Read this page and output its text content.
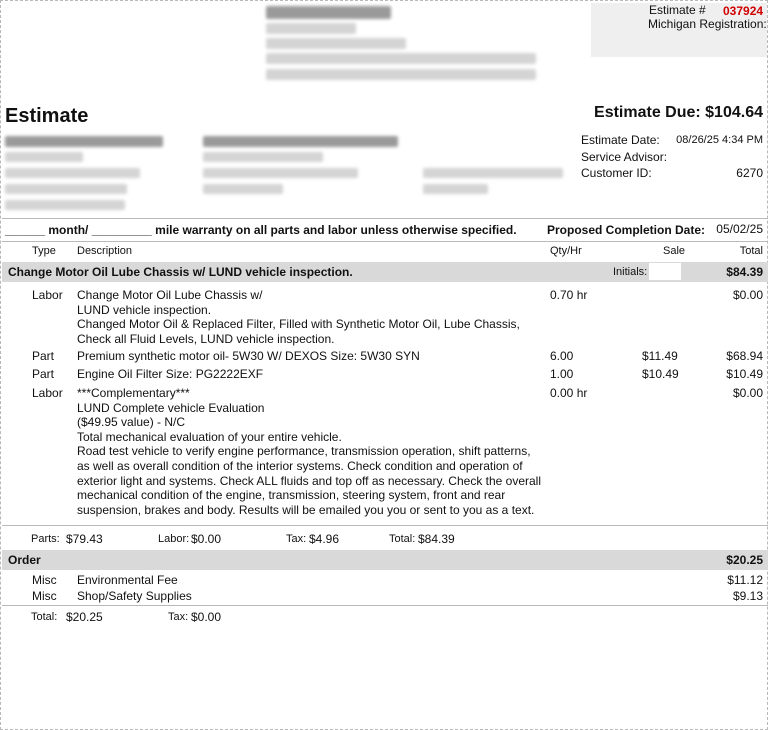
Estimate # 037924
Michigan Registration:
Estimate	Estimate Due: $104.64
Estimate Date: 08/26/25 4:34 PM
Service Advisor:
Customer ID:	6270
______ month/ _________ mile warranty on all parts and labor unless otherwise specified.	Proposed Completion Date: 05/02/25
Type Description	Qty/Hr	Sale	Total
Change Motor Oil Lube Chassis w/ LUND vehicle inspection.	Initials:	$84.39
Labor Change Motor Oil Lube Chassis w/
LUND vehicle inspection.
Changed Motor Oil & Replaced Filter, Filled with Synthetic Motor Oil, Lube Chassis,
Check all Fluid Levels, LUND vehicle inspection.
0.70 hr	$0.00
Part Premium synthetic motor oil- 5W30 W/ DEXOS Size: 5W30 SYN	6.00	$11.49	$68.94
Part Engine Oil Filter Size: PG2222EXF	1.00	$10.49	$10.49
Labor ***Complementary***
LUND Complete vehicle Evaluation
($49.95 value) - N/C
Total mechanical evaluation of your entire vehicle.
Road test vehicle to verify engine performance, transmission operation, shift patterns,
as well as overall condition of the interior systems. Check condition and operation of
exterior light and systems. Check ALL fluids and top off as necessary. Check the overall
mechanical condition of the engine, transmission, steering system, front and rear
suspension, brakes and body. Results will be emailed you you or sent to you as a text.
0.00 hr	$0.00
Parts: $79.43	Labor: $0.00	Tax: $4.96	Total: $84.39
Order	$20.25
Misc Environmental Fee	$11.12
Misc Shop/Safety Supplies	$9.13
Total: $20.25	Tax: $0.00
